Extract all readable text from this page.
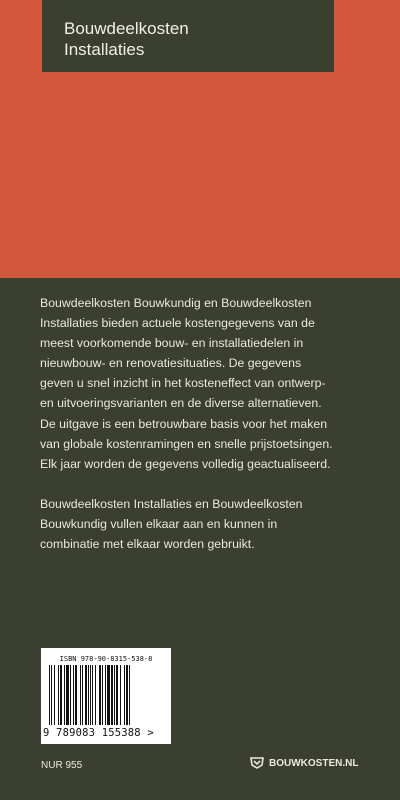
Bouwdeelkosten
Installaties
Bouwdeelkosten Bouwkundig en Bouwdeelkosten
Installaties bieden actuele kostengegevens van de
meest voorkomende bouw- en installatiedelen in
nieuwbouw- en renovatiesituaties. De gegevens
geven u snel inzicht in het kosteneffect van ontwerp-
en uitvoeringsvarianten en de diverse alternatieven.
De uitgave is een betrouwbare basis voor het maken
van globale kostenramingen en snelle prijstoetsingen.
Elk jaar worden de gegevens volledig geactualiseerd.
Bouwdeelkosten Installaties en Bouwdeelkosten
Bouwkundig vullen elkaar aan en kunnen in
combinatie met elkaar worden gebruikt.
ISBN 978-90-8315-538-8
9 789083 155388 >
NUR 955	BOUWKOSTEN.NL
